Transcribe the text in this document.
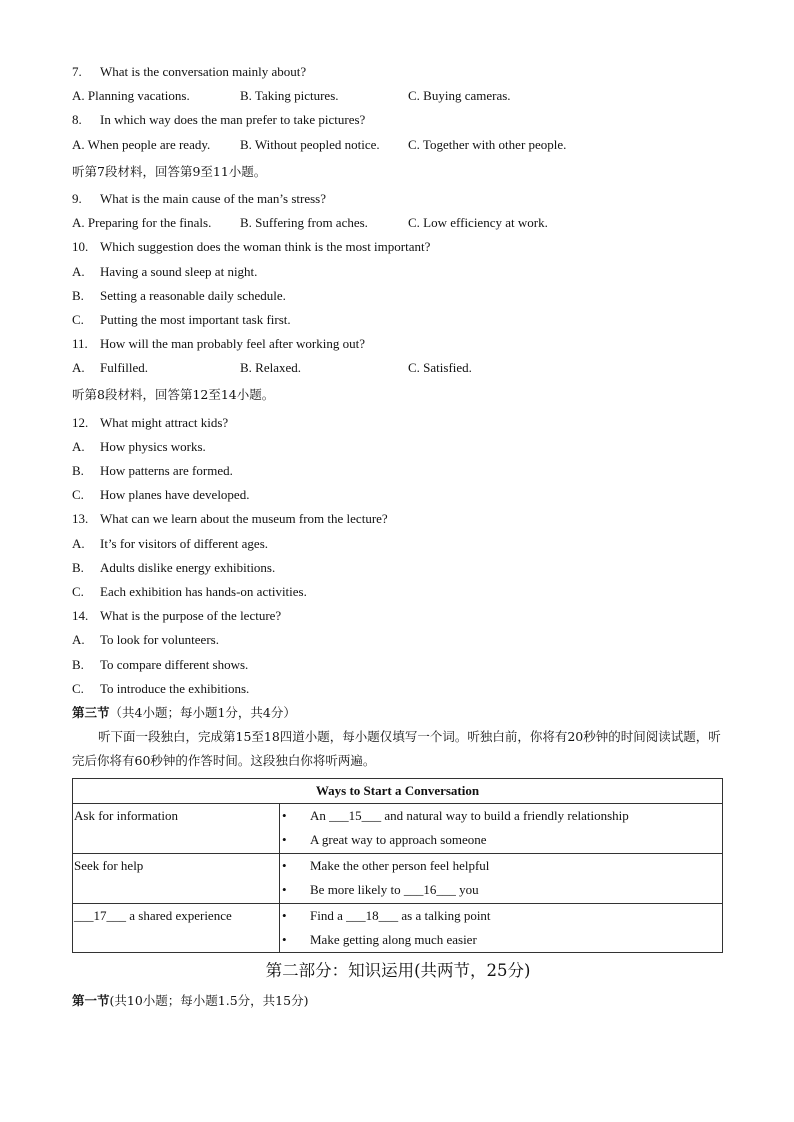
7. What is the conversation mainly about?
A. Planning vacations.	B. Taking pictures.	C. Buying cameras.
8. In which way does the man prefer to take pictures?
A. When people are ready. B. Without peopled notice. C. Together with other people.
听第7段材料，回答第9至11小题。
9. What is the main cause of the man’s stress?
A. Preparing for the finals. B. Suffering from aches.	C. Low efficiency at work.
10. Which suggestion does the woman think is the most important?
A. Having a sound sleep at night.
B. Setting a reasonable daily schedule.
C. Putting the most important task first.
11. How will the man probably feel after working out?
A. Fulfilled.	B. Relaxed.	C. Satisfied.
听第8段材料，回答第12至14小题。
12. What might attract kids?
A. How physics works.
B. How patterns are formed.
C. How planes have developed.
13. What can we learn about the museum from the lecture?
A. It’s for visitors of different ages.
B. Adults dislike energy exhibitions.
C. Each exhibition has hands-on activities.
14. What is the purpose of the lecture?
A. To look for volunteers.
B. To compare different shows.
C. To introduce the exhibitions.
第三节（共4小题；每小题1分，共4分）
听下面一段独白，完成第15至18四道小题，每小题仅填写一个词。听独白前，你将有20秒钟的时间阅读试题，听完后你将有60秒钟的作答时间。这段独白你将听两遍。
Ways to Start a Conversation	

Ask for information	• An ___15___ and natural way to build a friendly relationship
• A great way to approach someone

Seek for help	• Make the other person feel helpful
• Be more likely to ___16___ you

___17___ a shared experience	• Find a ___18___ as a talking point
• Make getting along much easier
第二部分：知识运用(共两节，25分)
第一节(共10小题；每小题1.5分，共15分)
